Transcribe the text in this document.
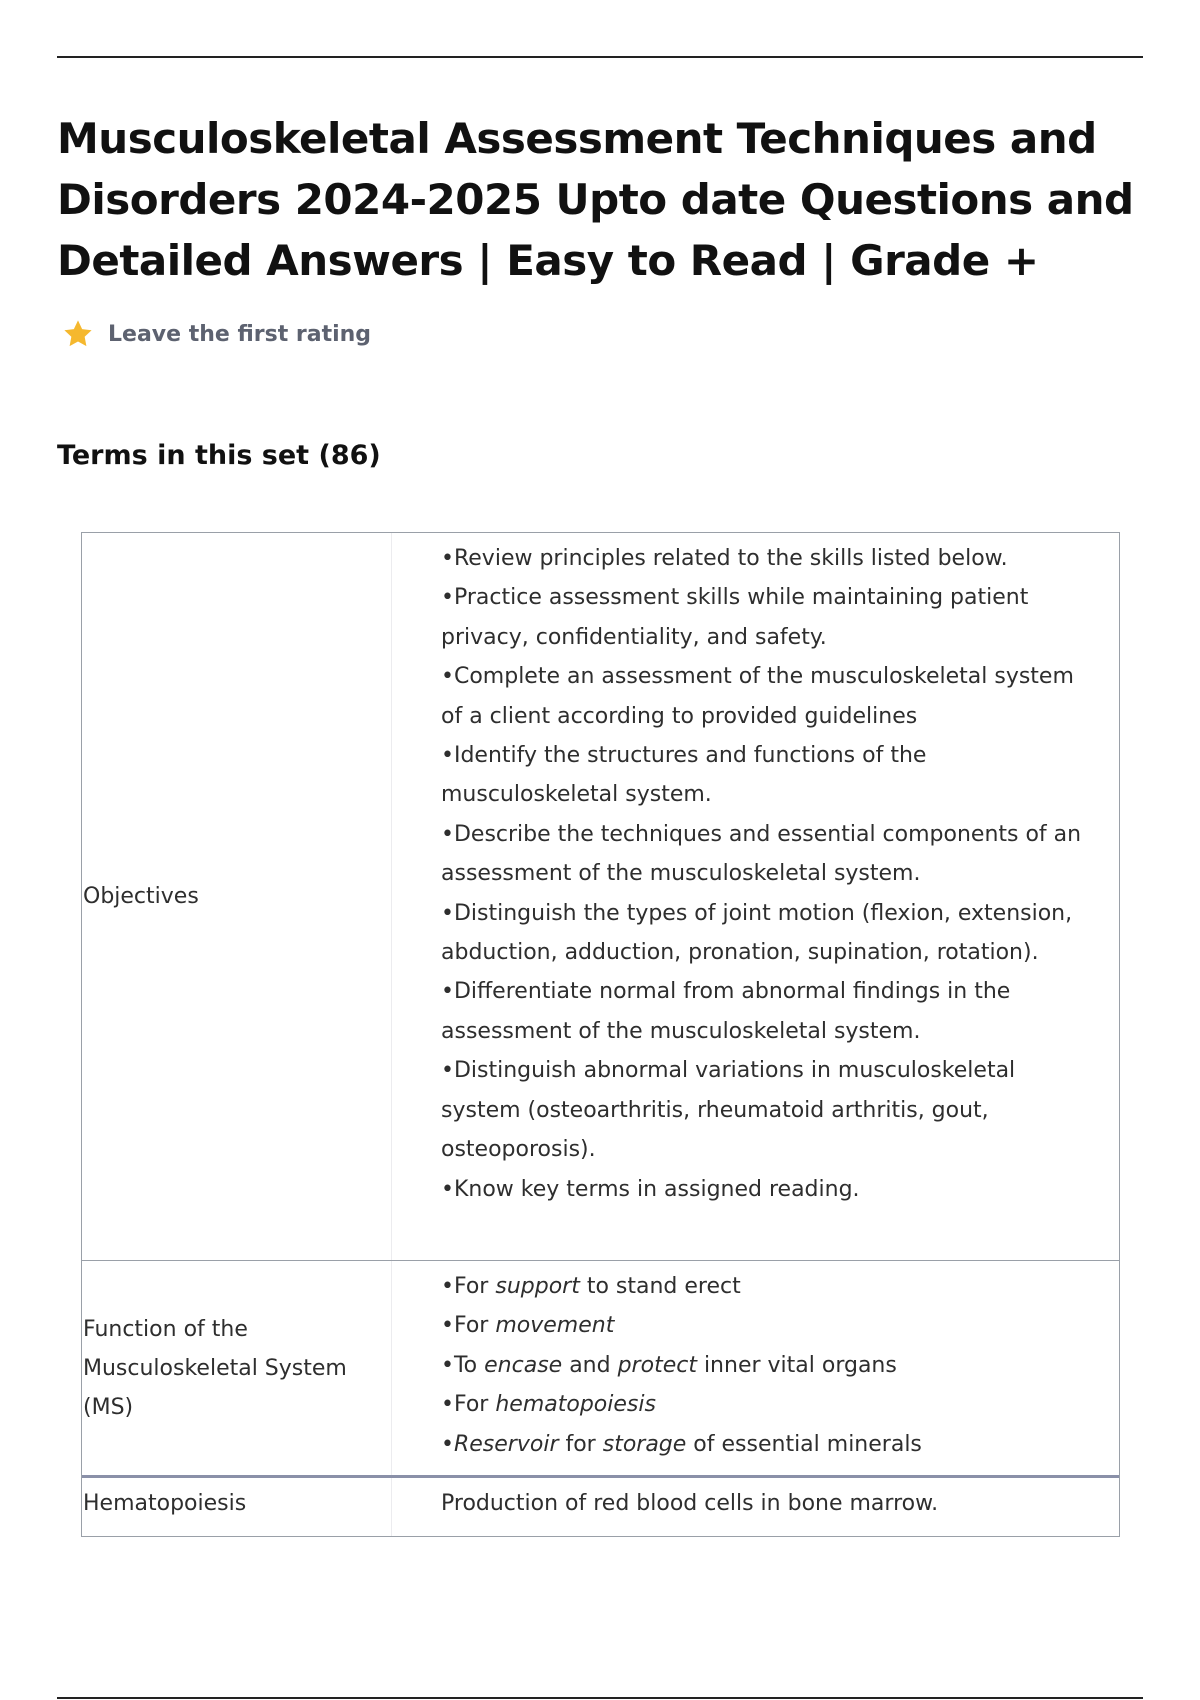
Musculoskeletal Assessment Techniques and Disorders 2024-2025 Upto date Questions and Detailed Answers | Easy to Read | Grade +
Leave the first rating
Terms in this set (86)
Objectives

•Review principles related to the skills listed below.

•Practice assessment skills while maintaining patient privacy, confidentiality, and safety.

•Complete an assessment of the musculoskeletal system of a client according to provided guidelines

•Identify the structures and functions of the musculoskeletal system.

•Describe the techniques and essential components of an assessment of the musculoskeletal system.

•Distinguish the types of joint motion (flexion, extension, abduction, adduction, pronation, supination, rotation).

•Differentiate normal from abnormal findings in the assessment of the musculoskeletal system.

•Distinguish abnormal variations in musculoskeletal system (osteoarthritis, rheumatoid arthritis, gout, osteoporosis).

•Know key terms in assigned reading.

Function of the Musculoskeletal System (MS)

•For support to stand erect

•For movement

•To encase and protect inner vital organs

•For hematopoiesis

•Reservoir for storage of essential minerals

Hematopoiesis	Production of red blood cells in bone marrow.
